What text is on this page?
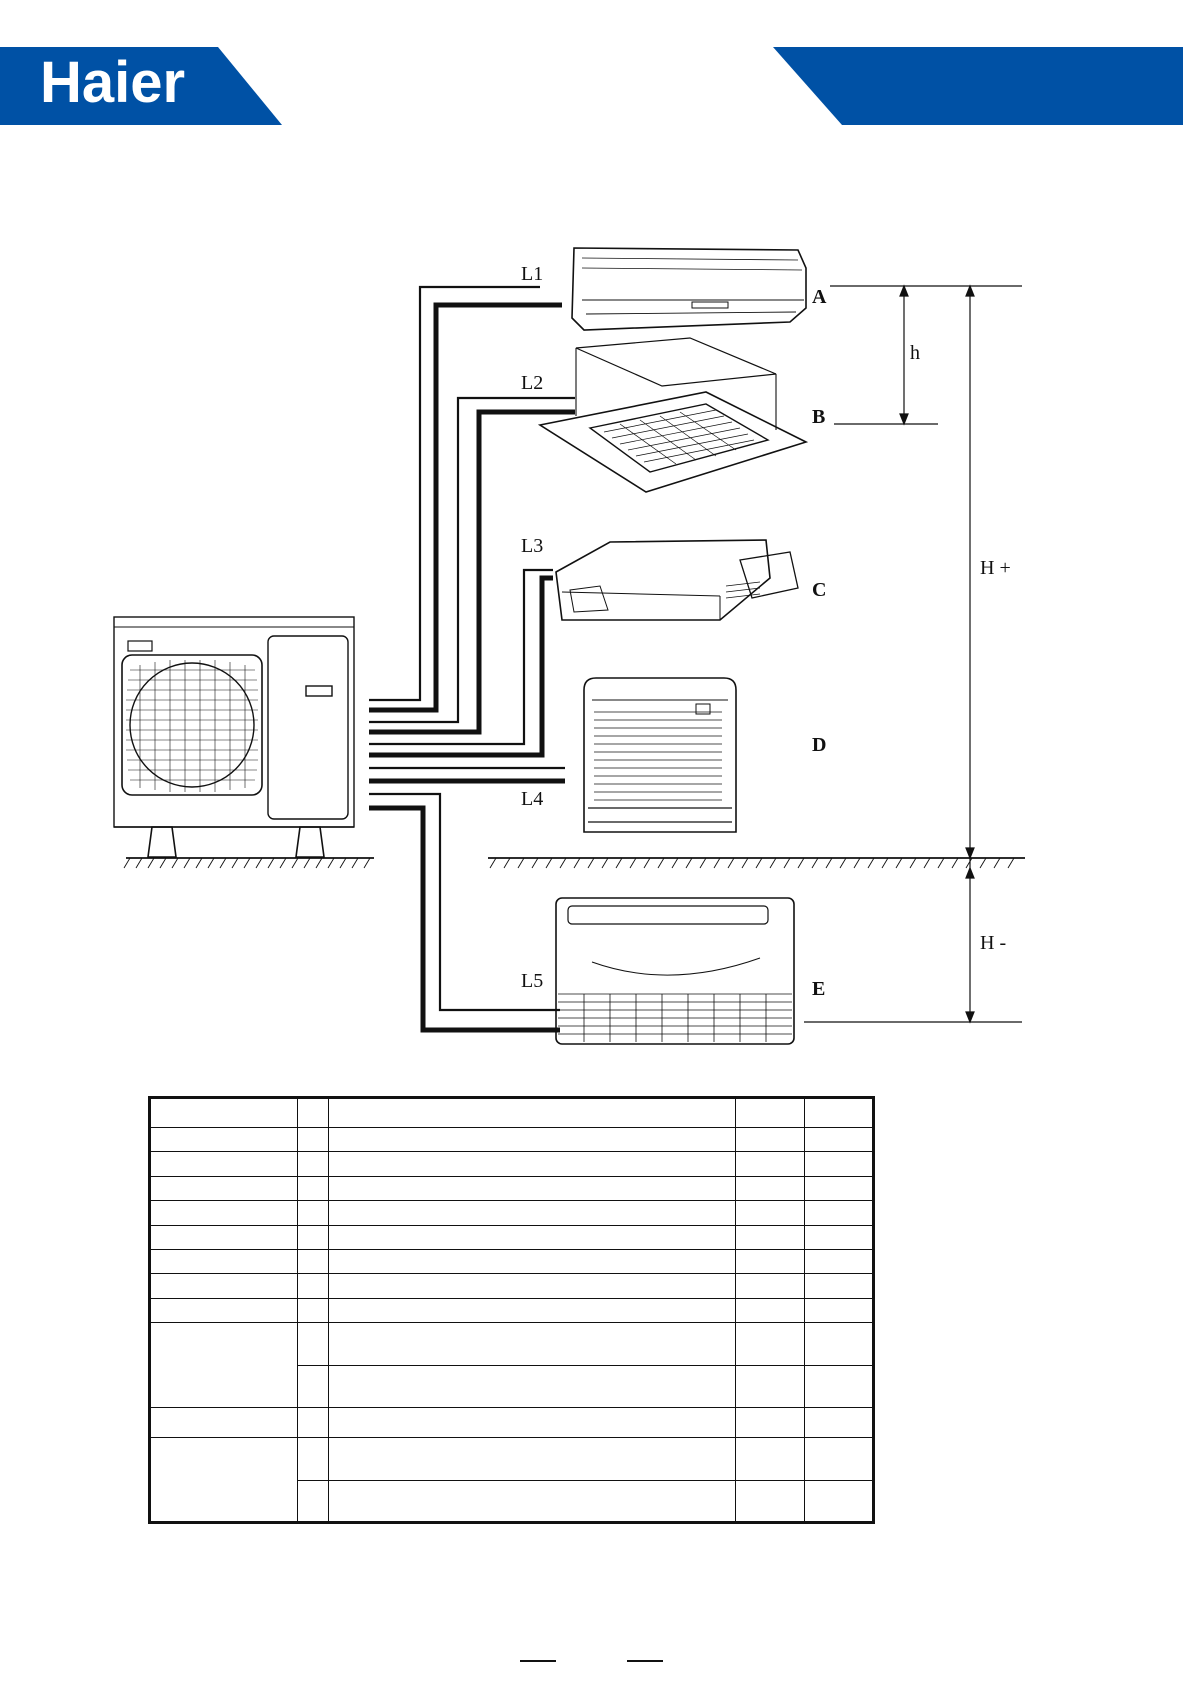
Haier
L1
L2
L3
L4
L5
A
B
C
D
E
h
H +
H -
